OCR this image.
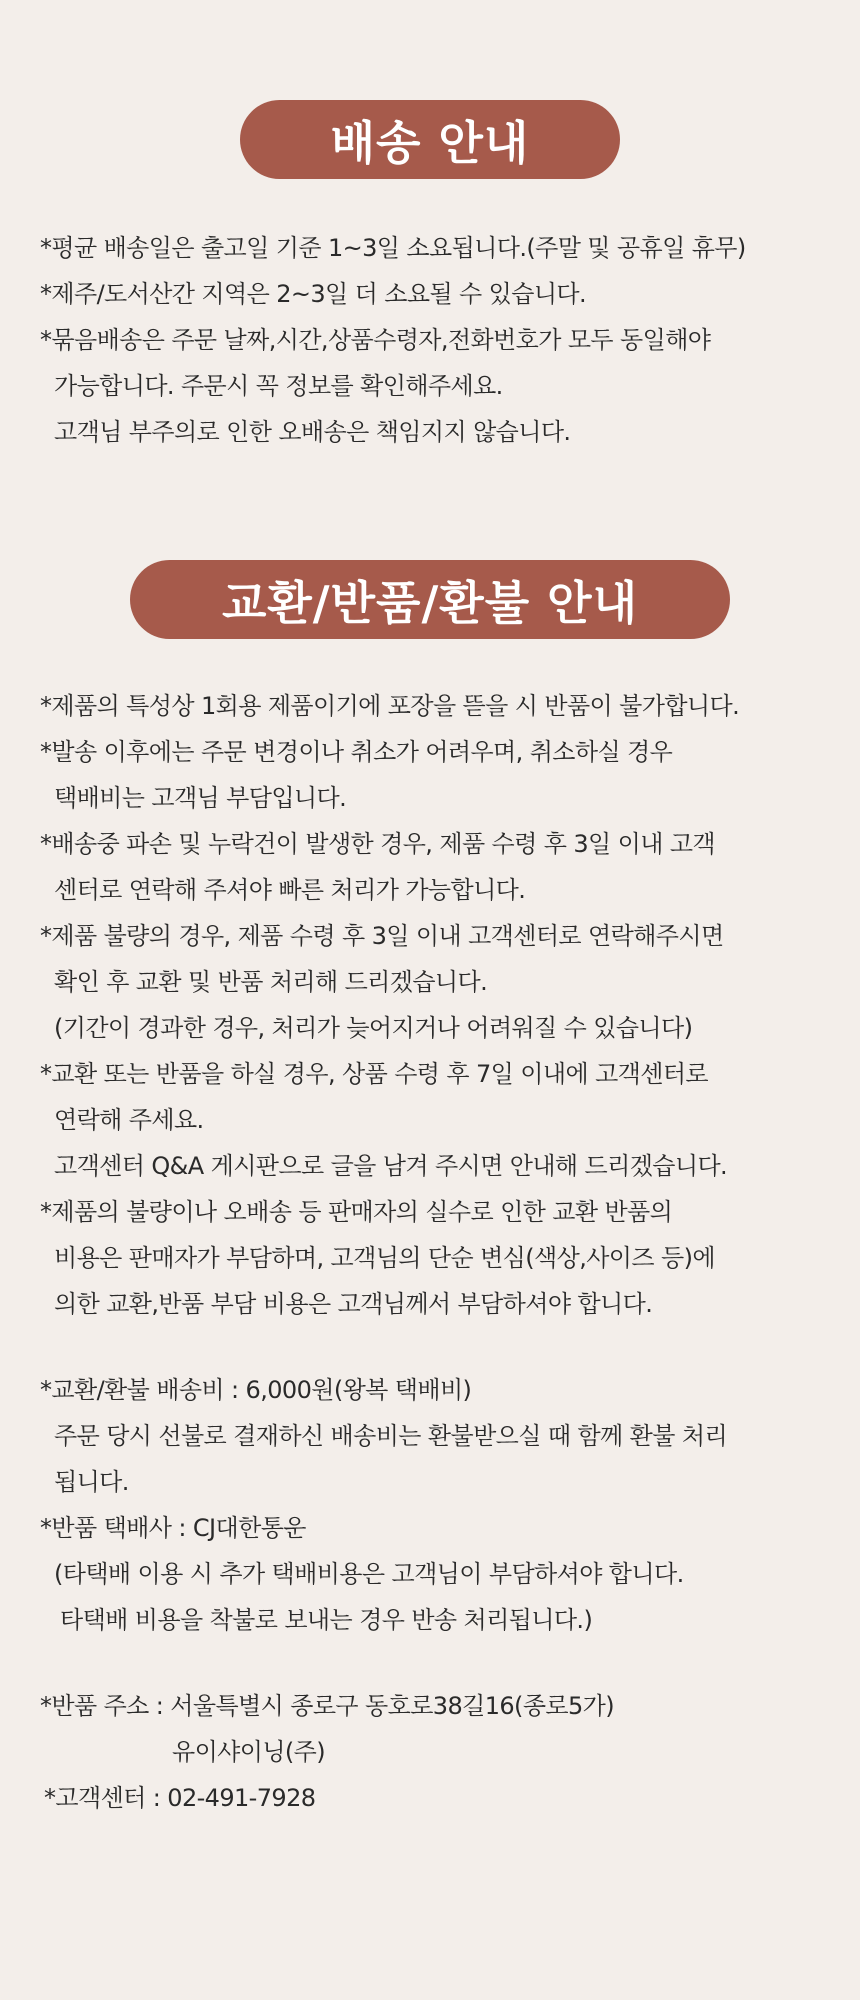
배송 안내
*평균 배송일은 출고일 기준 1~3일 소요됩니다.(주말 및 공휴일 휴무)
*제주/도서산간 지역은 2~3일 더 소요될 수 있습니다.
*묶음배송은 주문 날짜,시간,상품수령자,전화번호가 모두 동일해야
가능합니다. 주문시 꼭 정보를 확인해주세요.
고객님 부주의로 인한 오배송은 책임지지 않습니다.
교환/반품/환불 안내
*제품의 특성상 1회용 제품이기에 포장을 뜯을 시 반품이 불가합니다.
*발송 이후에는 주문 변경이나 취소가 어려우며, 취소하실 경우
택배비는 고객님 부담입니다.
*배송중 파손 및 누락건이 발생한 경우, 제품 수령 후 3일 이내 고객
센터로 연락해 주셔야 빠른 처리가 가능합니다.
*제품 불량의 경우, 제품 수령 후 3일 이내 고객센터로 연락해주시면
확인 후 교환 및 반품 처리해 드리겠습니다.
(기간이 경과한 경우, 처리가 늦어지거나 어려워질 수 있습니다)
*교환 또는 반품을 하실 경우, 상품 수령 후 7일 이내에 고객센터로
연락해 주세요.
고객센터 Q&A 게시판으로 글을 남겨 주시면 안내해 드리겠습니다.
*제품의 불량이나 오배송 등 판매자의 실수로 인한 교환 반품의
비용은 판매자가 부담하며, 고객님의 단순 변심(색상,사이즈 등)에
의한 교환,반품 부담 비용은 고객님께서 부담하셔야 합니다.
*교환/환불 배송비 : 6,000원(왕복 택배비)
주문 당시 선불로 결재하신 배송비는 환불받으실 때 함께 환불 처리
됩니다.
*반품 택배사 : CJ대한통운
(타택배 이용 시 추가 택배비용은 고객님이 부담하셔야 합니다.
타택배 비용을 착불로 보내는 경우 반송 처리됩니다.)
*반품 주소 : 서울특별시 종로구 동호로38길16(종로5가)
유이샤이닝(주)
*고객센터 : 02-491-7928
